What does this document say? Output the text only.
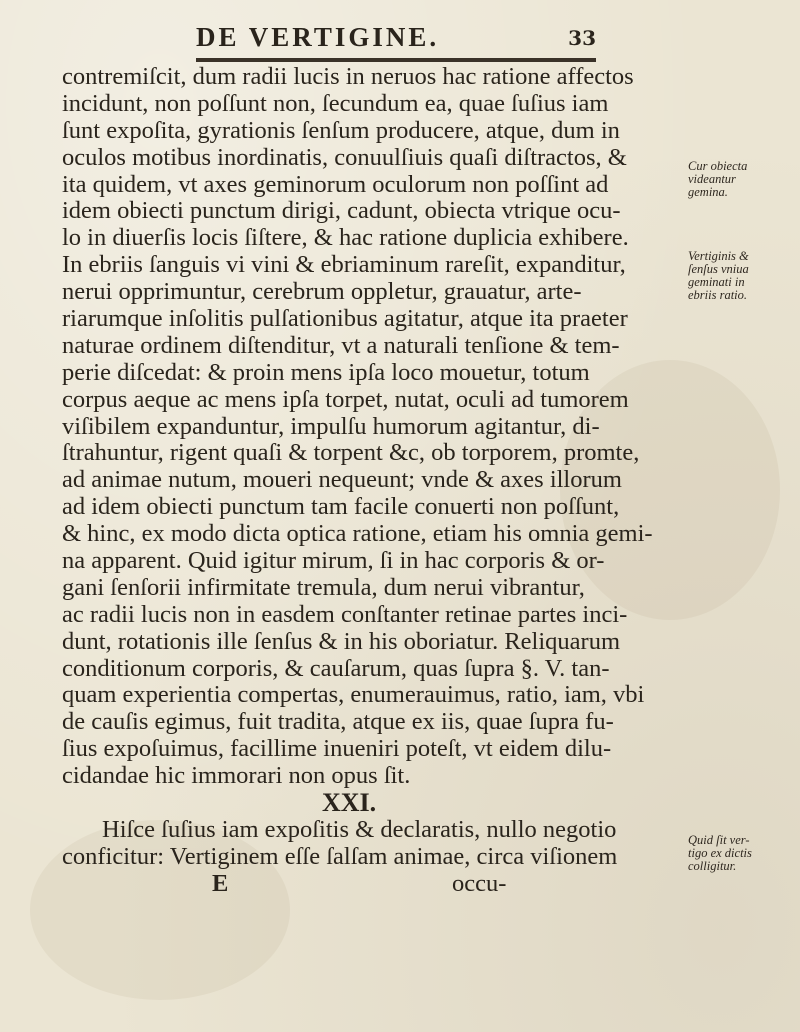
DE VERTIGINE.	33
contremiſcit, dum radii lucis in neruos hac ratione affectos
incidunt, non poſſunt non, ſecundum ea, quae ſuſius iam
ſunt expoſita, gyrationis ſenſum producere, atque, dum in
oculos motibus inordinatis, conuulſiuis quaſi diſtractos, &
ita quidem, vt axes geminorum oculorum non poſſint ad
idem obiecti punctum dirigi, cadunt, obiecta vtrique ocu-
lo in diuerſis locis ſiſtere, & hac ratione duplicia exhibere.
In ebriis ſanguis vi vini & ebriaminum rareſit, expanditur,
nerui opprimuntur, cerebrum oppletur, grauatur, arte-
riarumque inſolitis pulſationibus agitatur, atque ita praeter
naturae ordinem diſtenditur, vt a naturali tenſione & tem-
perie diſcedat: & proin mens ipſa loco mouetur, totum
corpus aeque ac mens ipſa torpet, nutat, oculi ad tumorem
viſibilem expanduntur, impulſu humorum agitantur, di-
ſtrahuntur, rigent quaſi & torpent &c, ob torporem, promte,
ad animae nutum, moueri nequeunt; vnde & axes illorum
ad idem obiecti punctum tam facile conuerti non poſſunt,
& hinc, ex modo dicta optica ratione, etiam his omnia gemi-
na apparent. Quid igitur mirum, ſi in hac corporis & or-
gani ſenſorii infirmitate tremula, dum nerui vibrantur,
ac radii lucis non in easdem conſtanter retinae partes inci-
dunt, rotationis ille ſenſus & in his oboriatur. Reliquarum
conditionum corporis, & cauſarum, quas ſupra §. V. tan-
quam experientia compertas, enumerauimus, ratio, iam, vbi
de cauſis egimus, fuit tradita, atque ex iis, quae ſupra fu-
ſius expoſuimus, facillime inueniri poteſt, vt eidem dilu-
cidandae hic immorari non opus ſit.
XXI.
Hiſce ſuſius iam expoſitis & declaratis, nullo negotio
conficitur: Vertiginem eſſe ſalſam animae, circa viſionem
E	occu-
Cur obiecta
videantur
gemina.
Vertiginis &
ſenſus vniua
geminati in
ebriis ratio.
Quid ſit ver-
tigo ex dictis
colligitur.
